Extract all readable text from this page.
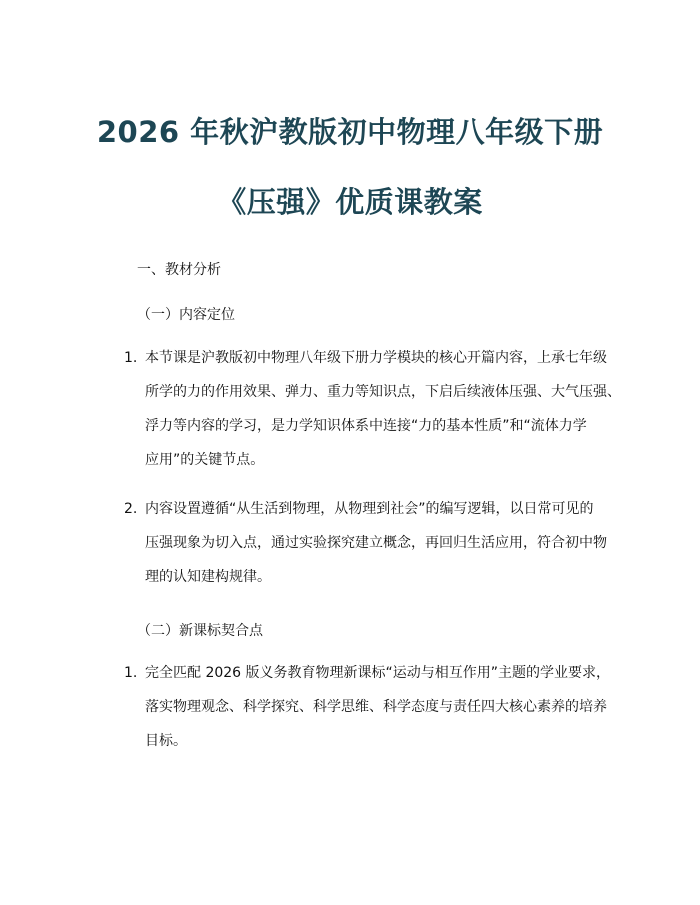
2026 年秋沪教版初中物理八年级下册
《压强》优质课教案
一、教材分析
（一）内容定位
1. 本节课是沪教版初中物理八年级下册力学模块的核心开篇内容，上承七年级
所学的力的作用效果、弹力、重力等知识点，下启后续液体压强、大气压强、
浮力等内容的学习，是力学知识体系中连接“力的基本性质”和“流体力学
应用”的关键节点。
2. 内容设置遵循“从生活到物理，从物理到社会”的编写逻辑，以日常可见的
压强现象为切入点，通过实验探究建立概念，再回归生活应用，符合初中物
理的认知建构规律。
（二）新课标契合点
1. 完全匹配 2026 版义务教育物理新课标“运动与相互作用”主题的学业要求，
落实物理观念、科学探究、科学思维、科学态度与责任四大核心素养的培养
目标。
